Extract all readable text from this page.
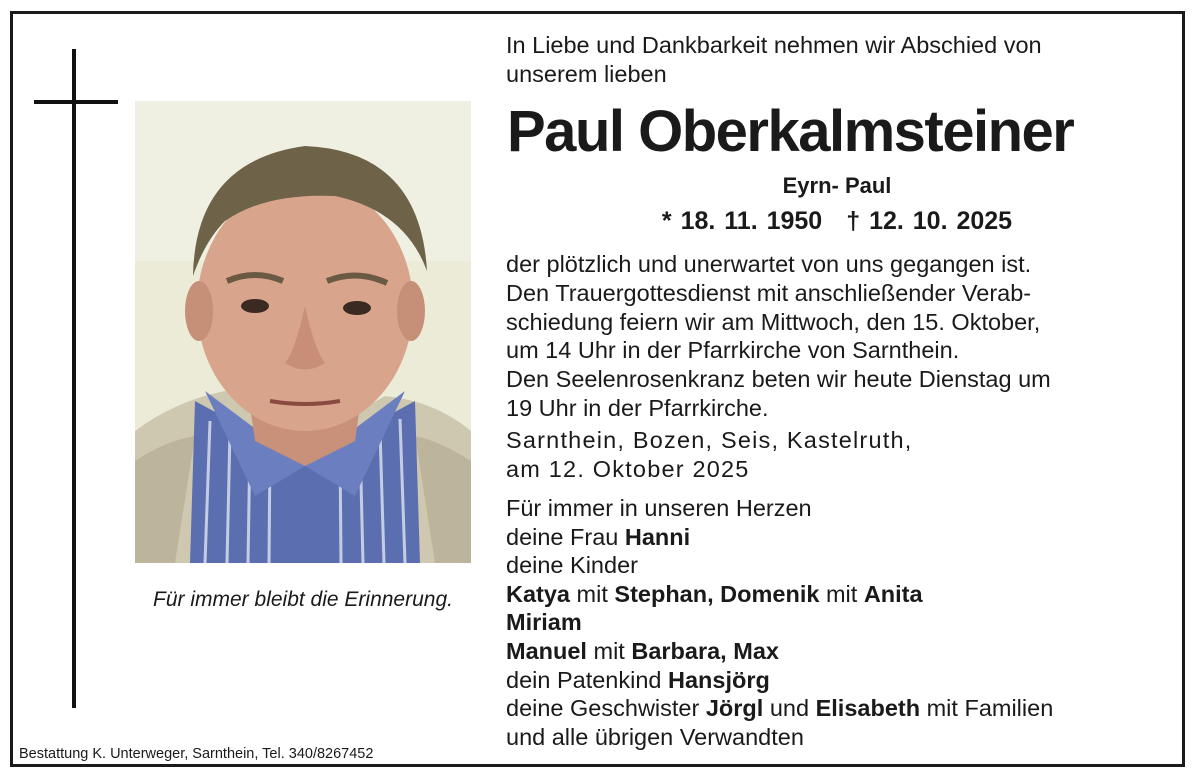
Für immer bleibt die Erinnerung.
Bestattung K. Unterweger, Sarnthein, Tel. 340/8267452
In Liebe und Dankbarkeit nehmen wir Abschied von
unserem lieben
Paul Oberkalmsteiner
Eyrn- Paul
* 18. 11. 1950 † 12. 10. 2025
der plötzlich und unerwartet von uns gegangen ist.
Den Trauergottesdienst mit anschließender Verab-
schiedung feiern wir am Mittwoch, den 15. Oktober,
um 14 Uhr in der Pfarrkirche von Sarnthein.
Den Seelenrosenkranz beten wir heute Dienstag um
19 Uhr in der Pfarrkirche.
Sarnthein, Bozen, Seis, Kastelruth,
am 12. Oktober 2025
Für immer in unseren Herzen
deine Frau Hanni
deine Kinder
Katya mit Stephan, Domenik mit Anita
Miriam
Manuel mit Barbara, Max
dein Patenkind Hansjörg
deine Geschwister Jörgl und Elisabeth mit Familien
und alle übrigen Verwandten
